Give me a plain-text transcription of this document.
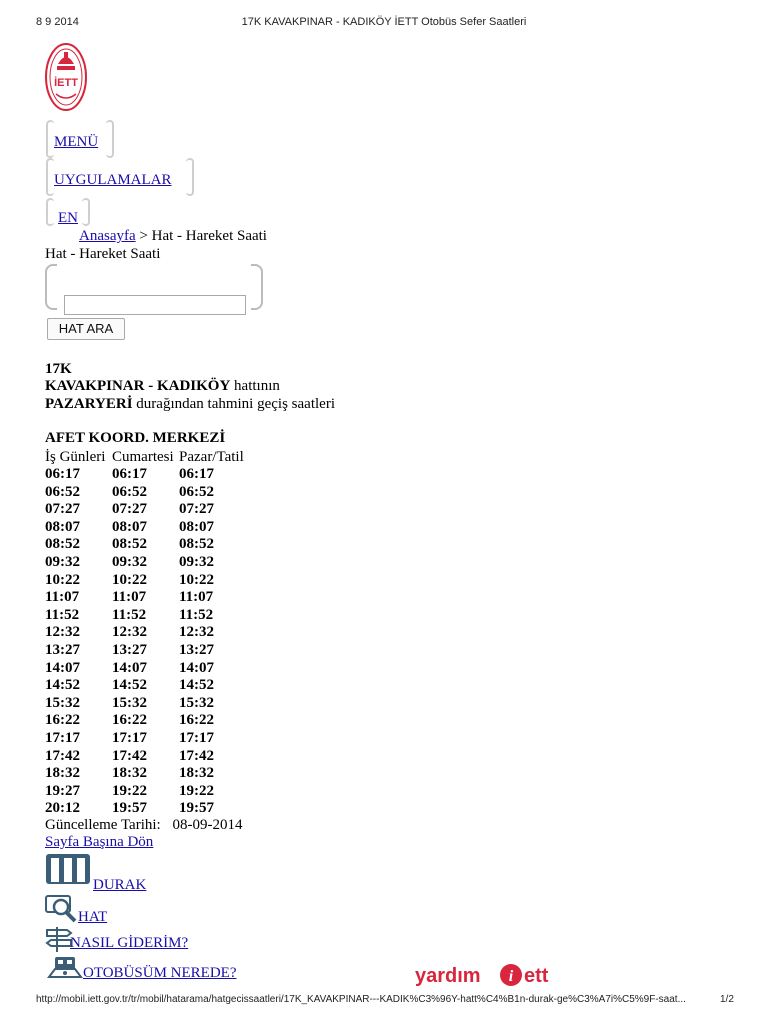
8 9 2014	17K KAVAKPINAR - KADIKÖY İETT Otobüs Sefer Saatleri
İETT
MENÜ
UYGULAMALAR
EN
Anasayfa > Hat - Hareket Saati
Hat - Hareket Saati
HAT ARA
17K
KAVAKPINAR - KADIKÖY hattının
PAZARYERİ durağından tahmini geçiş saatleri
AFET KOORD. MERKEZİ
İş Günleri	Cumartesi	Pazar/Tatil
06:17	06:17	06:17
06:52	06:52	06:52
07:27	07:27	07:27
08:07	08:07	08:07
08:52	08:52	08:52
09:32	09:32	09:32
10:22	10:22	10:22
11:07	11:07	11:07
11:52	11:52	11:52
12:32	12:32	12:32
13:27	13:27	13:27
14:07	14:07	14:07
14:52	14:52	14:52
15:32	15:32	15:32
16:22	16:22	16:22
17:17	17:17	17:17
17:42	17:42	17:42
18:32	18:32	18:32
19:27	19:22	19:22
20:12	19:57	19:57
Güncelleme Tarihi: 08-09-2014
Sayfa Başına Dön
DURAK
HAT
NASIL GİDERİM?
OTOBÜSÜM NEREDE?	yardım i ett
http://mobil.iett.gov.tr/tr/mobil/hatarama/hatgecissaatleri/17K_KAVAKPINAR---KADIK%C3%96Y-hatt%C4%B1n-durak-ge%C3%A7i%C5%9F-saat...	1/2
